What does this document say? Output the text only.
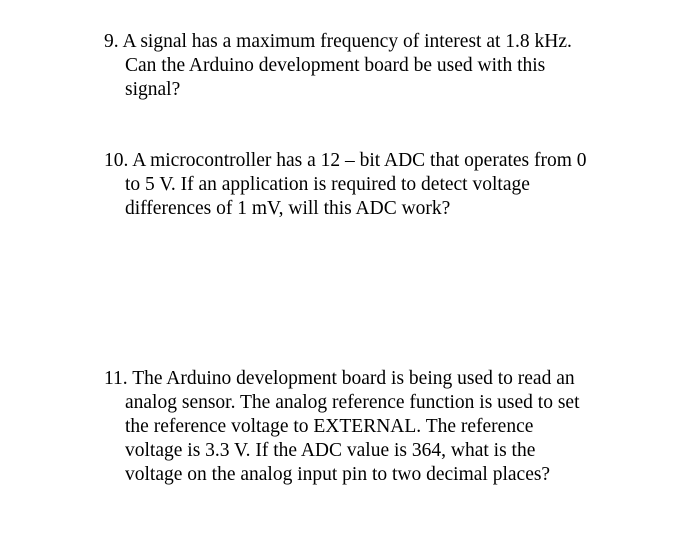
9. A signal has a maximum frequency of interest at 1.8 kHz.
Can the Arduino development board be used with this
signal?
10. A microcontroller has a 12 – bit ADC that operates from 0
to 5 V. If an application is required to detect voltage
differences of 1 mV, will this ADC work?
11. The Arduino development board is being used to read an
analog sensor. The analog reference function is used to set
the reference voltage to EXTERNAL. The reference
voltage is 3.3 V. If the ADC value is 364, what is the
voltage on the analog input pin to two decimal places?
